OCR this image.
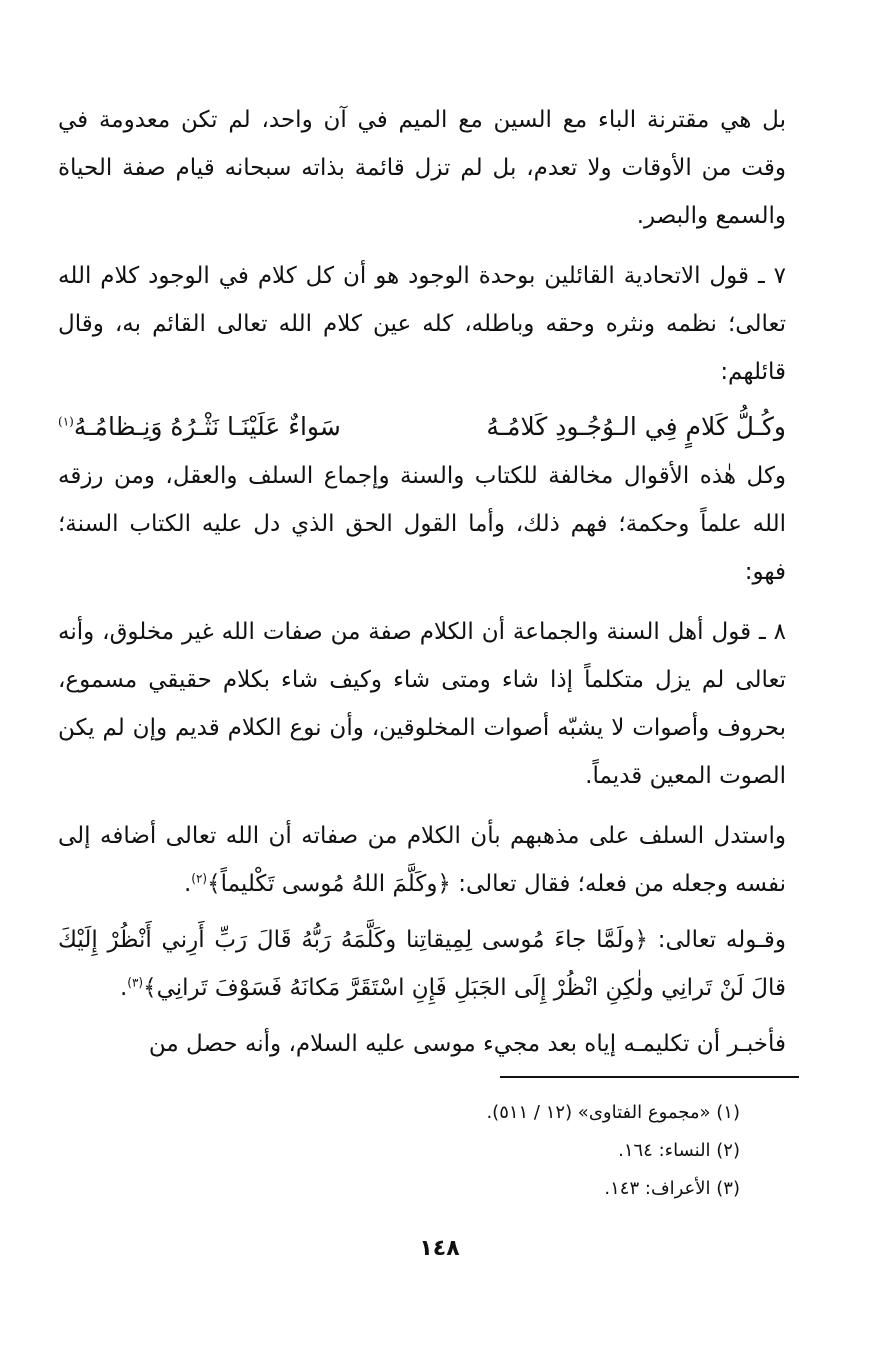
بل هي مقترنة الباء مع السين مع الميم في آن واحد، لم تكن معدومة في وقت من الأوقات ولا تعدم، بل لم تزل قائمة بذاته سبحانه قيام صفة الحياة والسمع والبصر.

٧ ـ قول الاتحادية القائلين بوحدة الوجود هو أن كل كلام في الوجود كلام الله تعالى؛ نظمه ونثره وحقه وباطله، كله عين كلام الله تعالى القائم به، وقال قائلهم:

وكُـلُّ كَلامٍ فِي الـوُجُـودِ كَلامُـهُ
سَواءٌ عَلَيْنَـا نَثْـرُهُ وَنِـظامُـهُ$^{(١)}$

وكل هٰذه الأقوال مخالفة للكتاب والسنة وإجماع السلف والعقل، ومن رزقه الله علماً وحكمة؛ فهم ذلك، وأما القول الحق الذي دل عليه الكتاب السنة؛ فهو:

٨ ـ قول أهل السنة والجماعة أن الكلام صفة من صفات الله غير مخلوق، وأنه تعالى لم يزل متكلماً إذا شاء ومتى شاء وكيف شاء بكلام حقيقي مسموع، بحروف وأصوات لا يشبّه أصوات المخلوقين، وأن نوع الكلام قديم وإن لم يكن الصوت المعين قديماً.

واستدل السلف على مذهبهم بأن الكلام من صفاته أن الله تعالى أضافه إلى نفسه وجعله من فعله؛ فقال تعالى: ﴿وكَلَّمَ اللهُ مُوسى تَكْليماً﴾$^{(٢)}$.

وقـوله تعالى: ﴿ولَمَّا جاءَ مُوسى لِمِيقاتِنا وكَلَّمَهُ رَبُّهُ قَالَ رَبِّ أَرِني أَنْظُرْ إِلَيْكَ قالَ لَنْ تَرانِي ولٰكِنِ انْظُرْ إِلَى الجَبَلِ فَإِنِ اسْتَقَرَّ مَكانَهُ فَسَوْفَ تَرانِي﴾$^{(٣)}$.

فأخبـر أن تكليمـه إياه بعد مجيء موسى عليه السلام، وأنه حصل من

(١) «مجموع الفتاوى» (١٢ / ٥١١).

(٢) النساء: ١٦٤.

(٣) الأعراف: ١٤٣.

١٤٨
